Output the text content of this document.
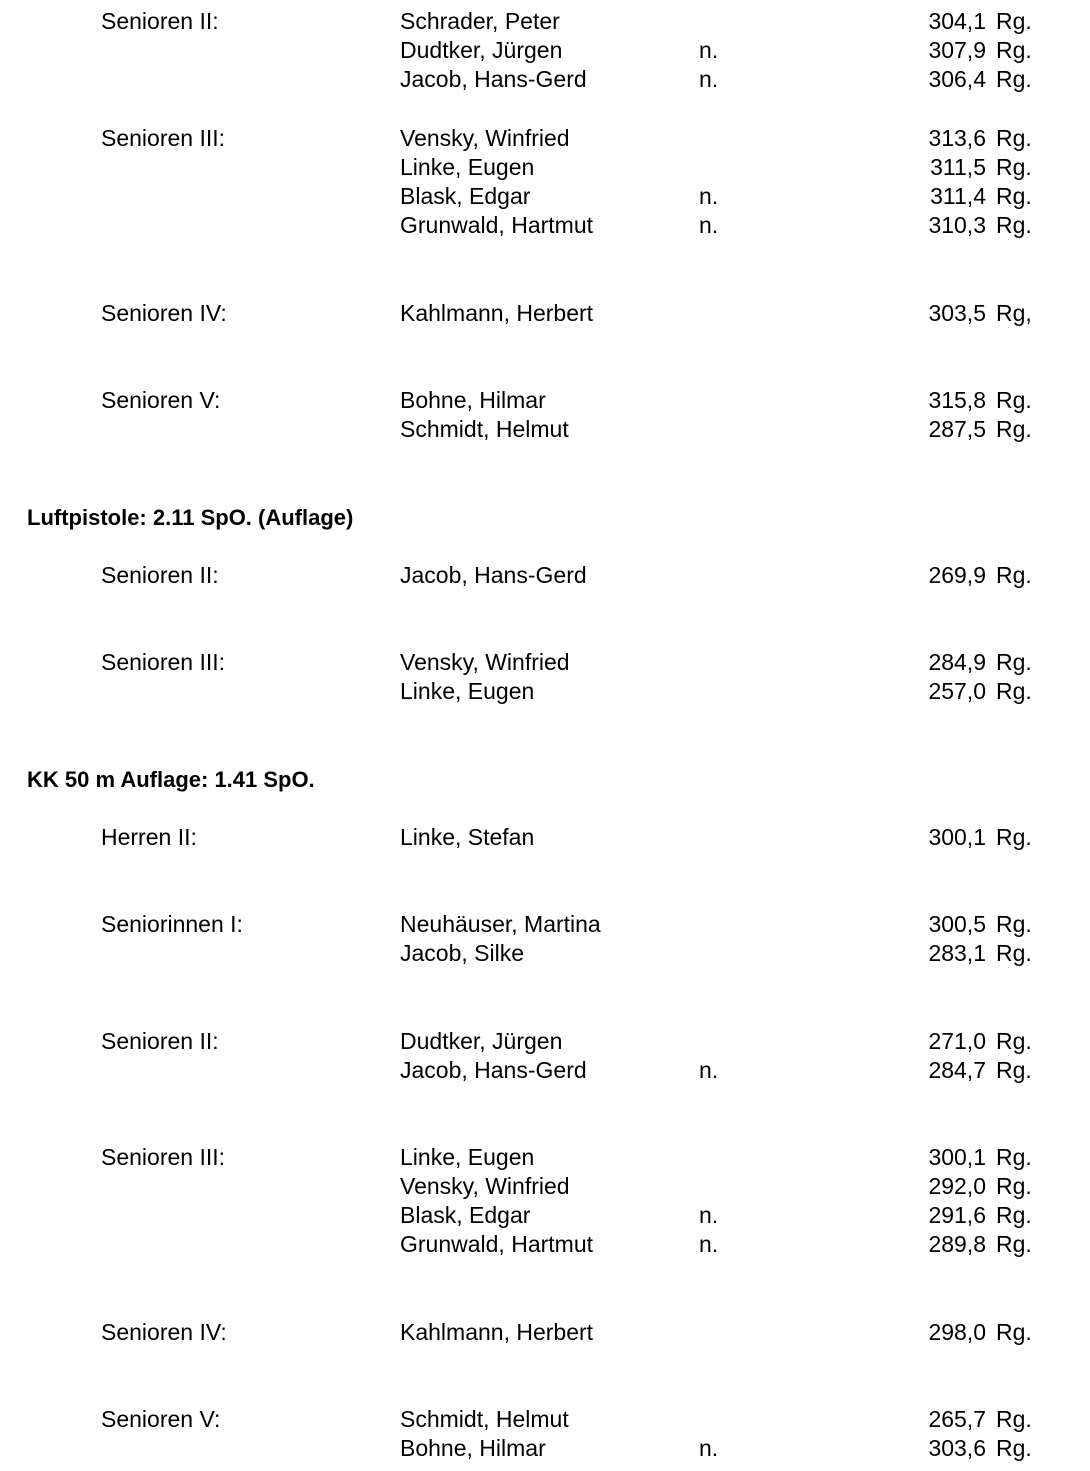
Senioren II:	Schrader, Peter	304,1 Rg.
Dudtker, Jürgen	n.	307,9 Rg.
Jacob, Hans-Gerd	n.	306,4 Rg.
Senioren III:	Vensky, Winfried	313,6 Rg.
Linke, Eugen	311,5 Rg.
Blask, Edgar	n.	311,4 Rg.
Grunwald, Hartmut	n.	310,3 Rg.
Senioren IV:	Kahlmann, Herbert	303,5 Rg,
Senioren V:	Bohne, Hilmar	315,8 Rg.
Schmidt, Helmut	287,5 Rg.
Luftpistole: 2.11 SpO. (Auflage)
Senioren II:	Jacob, Hans-Gerd	269,9 Rg.
Senioren III:	Vensky, Winfried	284,9 Rg.
Linke, Eugen	257,0 Rg.
KK 50 m Auflage: 1.41 SpO.
Herren II:	Linke, Stefan	300,1 Rg.
Seniorinnen I:	Neuhäuser, Martina	300,5 Rg.
Jacob, Silke	283,1 Rg.
Senioren II:	Dudtker, Jürgen	271,0 Rg.
Jacob, Hans-Gerd	n.	284,7 Rg.
Senioren III:	Linke, Eugen	300,1 Rg.
Vensky, Winfried	292,0 Rg.
Blask, Edgar	n.	291,6 Rg.
Grunwald, Hartmut	n.	289,8 Rg.
Senioren IV:	Kahlmann, Herbert	298,0 Rg.
Senioren V:	Schmidt, Helmut	265,7 Rg.
Bohne, Hilmar	n.	303,6 Rg.
